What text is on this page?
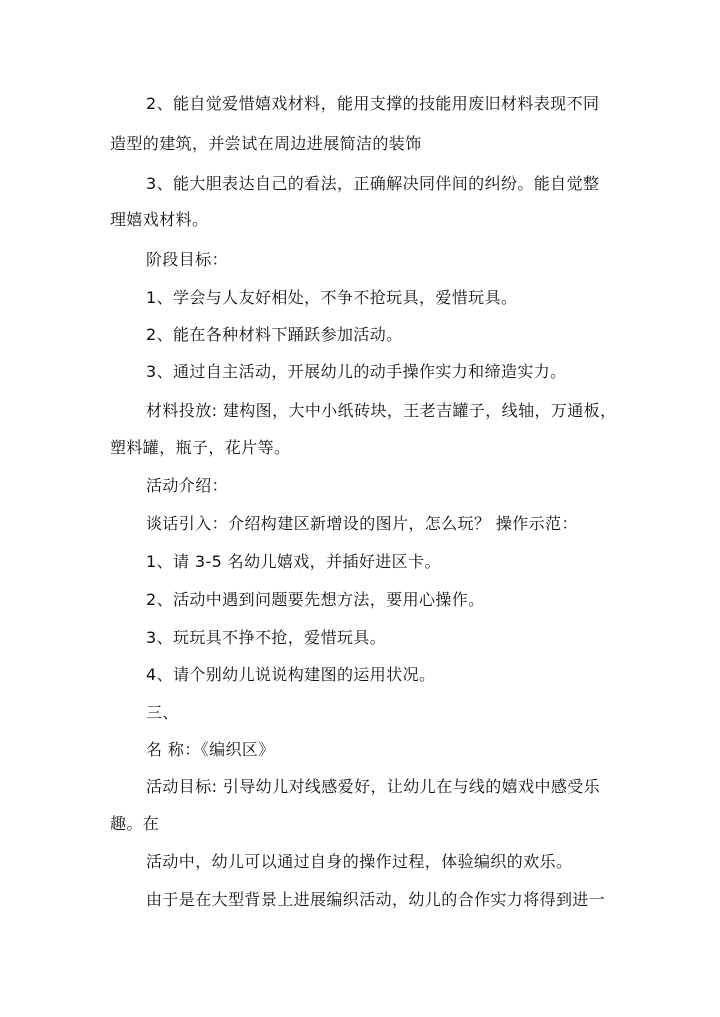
2、能自觉爱惜嬉戏材料，能用支撑的技能用废旧材料表现不同
造型的建筑，并尝试在周边进展简洁的装饰
3、能大胆表达自己的看法，正确解决同伴间的纠纷。能自觉整
理嬉戏材料。
阶段目标：
1、学会与人友好相处，不争不抢玩具，爱惜玩具。
2、能在各种材料下踊跃参加活动。
3、通过自主活动，开展幼儿的动手操作实力和缔造实力。
材料投放: 建构图，大中小纸砖块，王老吉罐子，线轴，万通板，
塑料罐，瓶子，花片等。
活动介绍：
谈话引入：介绍构建区新增设的图片，怎么玩？ 操作示范：
1、请 3-5 名幼儿嬉戏，并插好进区卡。
2、活动中遇到问题要先想方法，要用心操作。
3、玩玩具不挣不抢，爱惜玩具。
4、请个别幼儿说说构建图的运用状况。
三、
名 称：《编织区》
活动目标: 引导幼儿对线感爱好，让幼儿在与线的嬉戏中感受乐
趣。在
活动中，幼儿可以通过自身的操作过程，体验编织的欢乐。
由于是在大型背景上进展编织活动，幼儿的合作实力将得到进一
